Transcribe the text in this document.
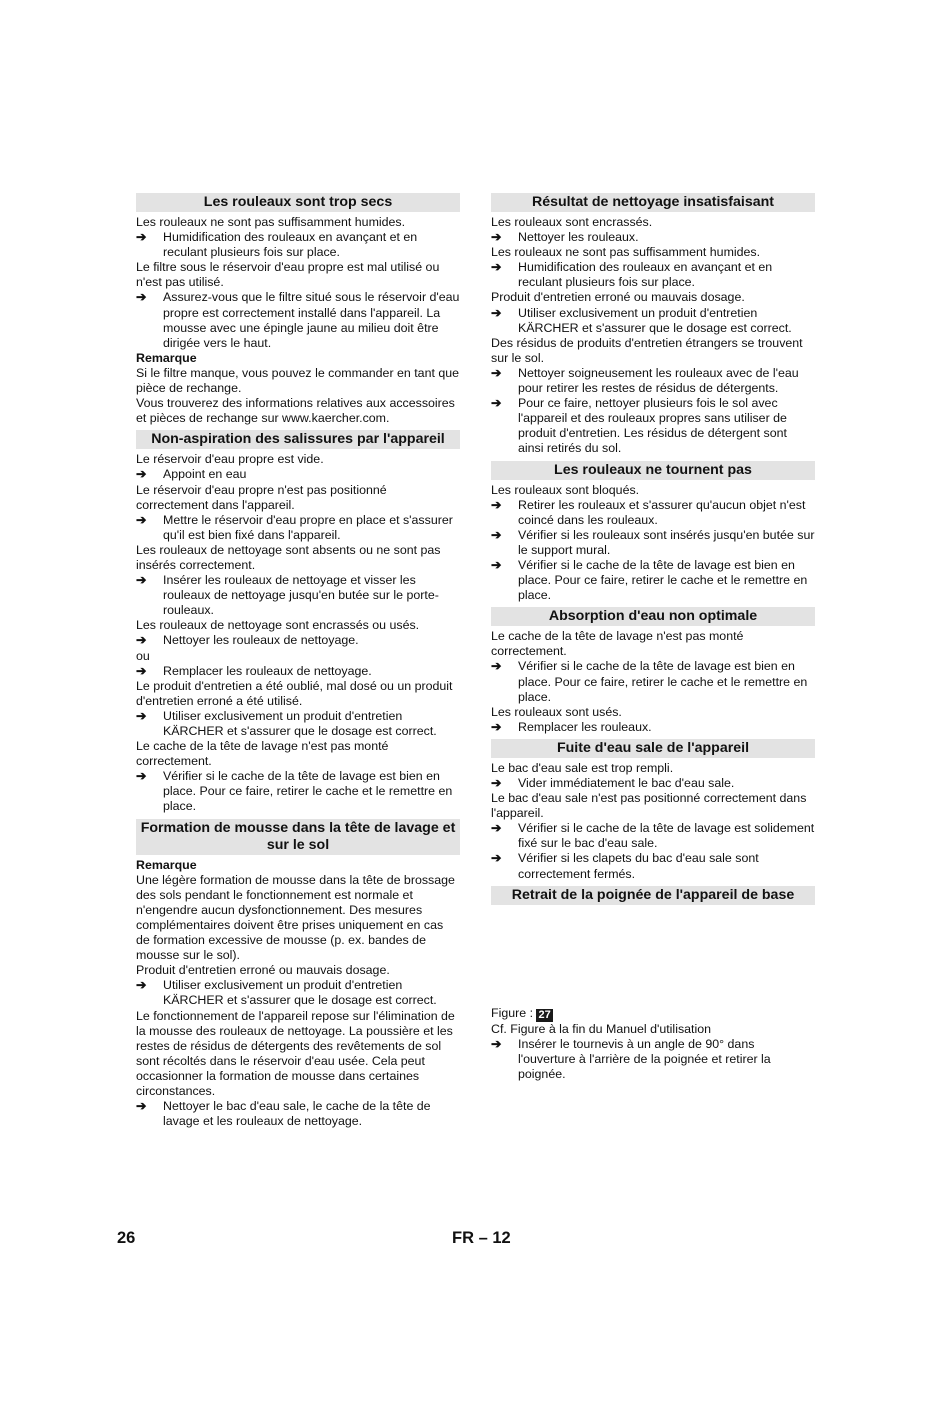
Les rouleaux sont trop secs

Les rouleaux ne sont pas suffisamment humides.

➔ Humidification des rouleaux en avançant et en reculant plusieurs fois sur place.

Le filtre sous le réservoir d'eau propre est mal utilisé ou n'est pas utilisé.

➔ Assurez-vous que le filtre situé sous le réservoir d'eau propre est correctement installé dans l'appareil. La mousse avec une épingle jaune au milieu doit être dirigée vers le haut.

Remarque

Si le filtre manque, vous pouvez le commander en tant que pièce de rechange.

Vous trouverez des informations relatives aux accessoires et pièces de rechange sur www.kaercher.com.

Non-aspiration des salissures par l'appareil

Le réservoir d'eau propre est vide.

➔ Appoint en eau

Le réservoir d'eau propre n'est pas positionné correctement dans l'appareil.

➔ Mettre le réservoir d'eau propre en place et s'assurer qu'il est bien fixé dans l'appareil.

Les rouleaux de nettoyage sont absents ou ne sont pas insérés correctement.

➔ Insérer les rouleaux de nettoyage et visser les rouleaux de nettoyage jusqu'en butée sur le porte-rouleaux.

Les rouleaux de nettoyage sont encrassés ou usés.

➔ Nettoyer les rouleaux de nettoyage.

ou

➔ Remplacer les rouleaux de nettoyage.

Le produit d'entretien a été oublié, mal dosé ou un produit d'entretien erroné a été utilisé.

➔ Utiliser exclusivement un produit d'entretien KÄRCHER et s'assurer que le dosage est correct.

Le cache de la tête de lavage n'est pas monté correctement.

➔ Vérifier si le cache de la tête de lavage est bien en place. Pour ce faire, retirer le cache et le remettre en place.

Formation de mousse dans la tête de lavage et sur le sol

Remarque

Une légère formation de mousse dans la tête de brossage des sols pendant le fonctionnement est normale et n'engendre aucun dysfonctionnement. Des mesures complémentaires doivent être prises uniquement en cas de formation excessive de mousse (p. ex. bandes de mousse sur le sol).

Produit d'entretien erroné ou mauvais dosage.

➔ Utiliser exclusivement un produit d'entretien KÄRCHER et s'assurer que le dosage est correct.

Le fonctionnement de l'appareil repose sur l'élimination de la mousse des rouleaux de nettoyage. La poussière et les restes de résidus de détergents des revêtements de sol sont récoltés dans le réservoir d'eau usée. Cela peut occasionner la formation de mousse dans certaines circonstances.

➔ Nettoyer le bac d'eau sale, le cache de la tête de lavage et les rouleaux de nettoyage.

Résultat de nettoyage insatisfaisant

Les rouleaux sont encrassés.

➔ Nettoyer les rouleaux.

Les rouleaux ne sont pas suffisamment humides.

➔ Humidification des rouleaux en avançant et en reculant plusieurs fois sur place.

Produit d'entretien erroné ou mauvais dosage.

➔ Utiliser exclusivement un produit d'entretien KÄRCHER et s'assurer que le dosage est correct.

Des résidus de produits d'entretien étrangers se trouvent sur le sol.

➔ Nettoyer soigneusement les rouleaux avec de l'eau pour retirer les restes de résidus de détergents.

➔ Pour ce faire, nettoyer plusieurs fois le sol avec l'appareil et des rouleaux propres sans utiliser de produit d'entretien. Les résidus de détergent sont ainsi retirés du sol.

Les rouleaux ne tournent pas

Les rouleaux sont bloqués.

➔ Retirer les rouleaux et s'assurer qu'aucun objet n'est coincé dans les rouleaux.

➔ Vérifier si les rouleaux sont insérés jusqu'en butée sur le support mural.

➔ Vérifier si le cache de la tête de lavage est bien en place. Pour ce faire, retirer le cache et le remettre en place.

Absorption d'eau non optimale

Le cache de la tête de lavage n'est pas monté correctement.

➔ Vérifier si le cache de la tête de lavage est bien en place. Pour ce faire, retirer le cache et le remettre en place.

Les rouleaux sont usés.

➔ Remplacer les rouleaux.

Fuite d'eau sale de l'appareil

Le bac d'eau sale est trop rempli.

➔ Vider immédiatement le bac d'eau sale.

Le bac d'eau sale n'est pas positionné correctement dans l'appareil.

➔ Vérifier si le cache de la tête de lavage est solidement fixé sur le bac d'eau sale.

➔ Vérifier si les clapets du bac d'eau sale sont correctement fermés.

Retrait de la poignée de l'appareil de base

Figure : 27

Cf. Figure à la fin du Manuel d'utilisation

➔ Insérer le tournevis à un angle de 90° dans l'ouverture à l'arrière de la poignée et retirer la poignée.

26	FR – 12
